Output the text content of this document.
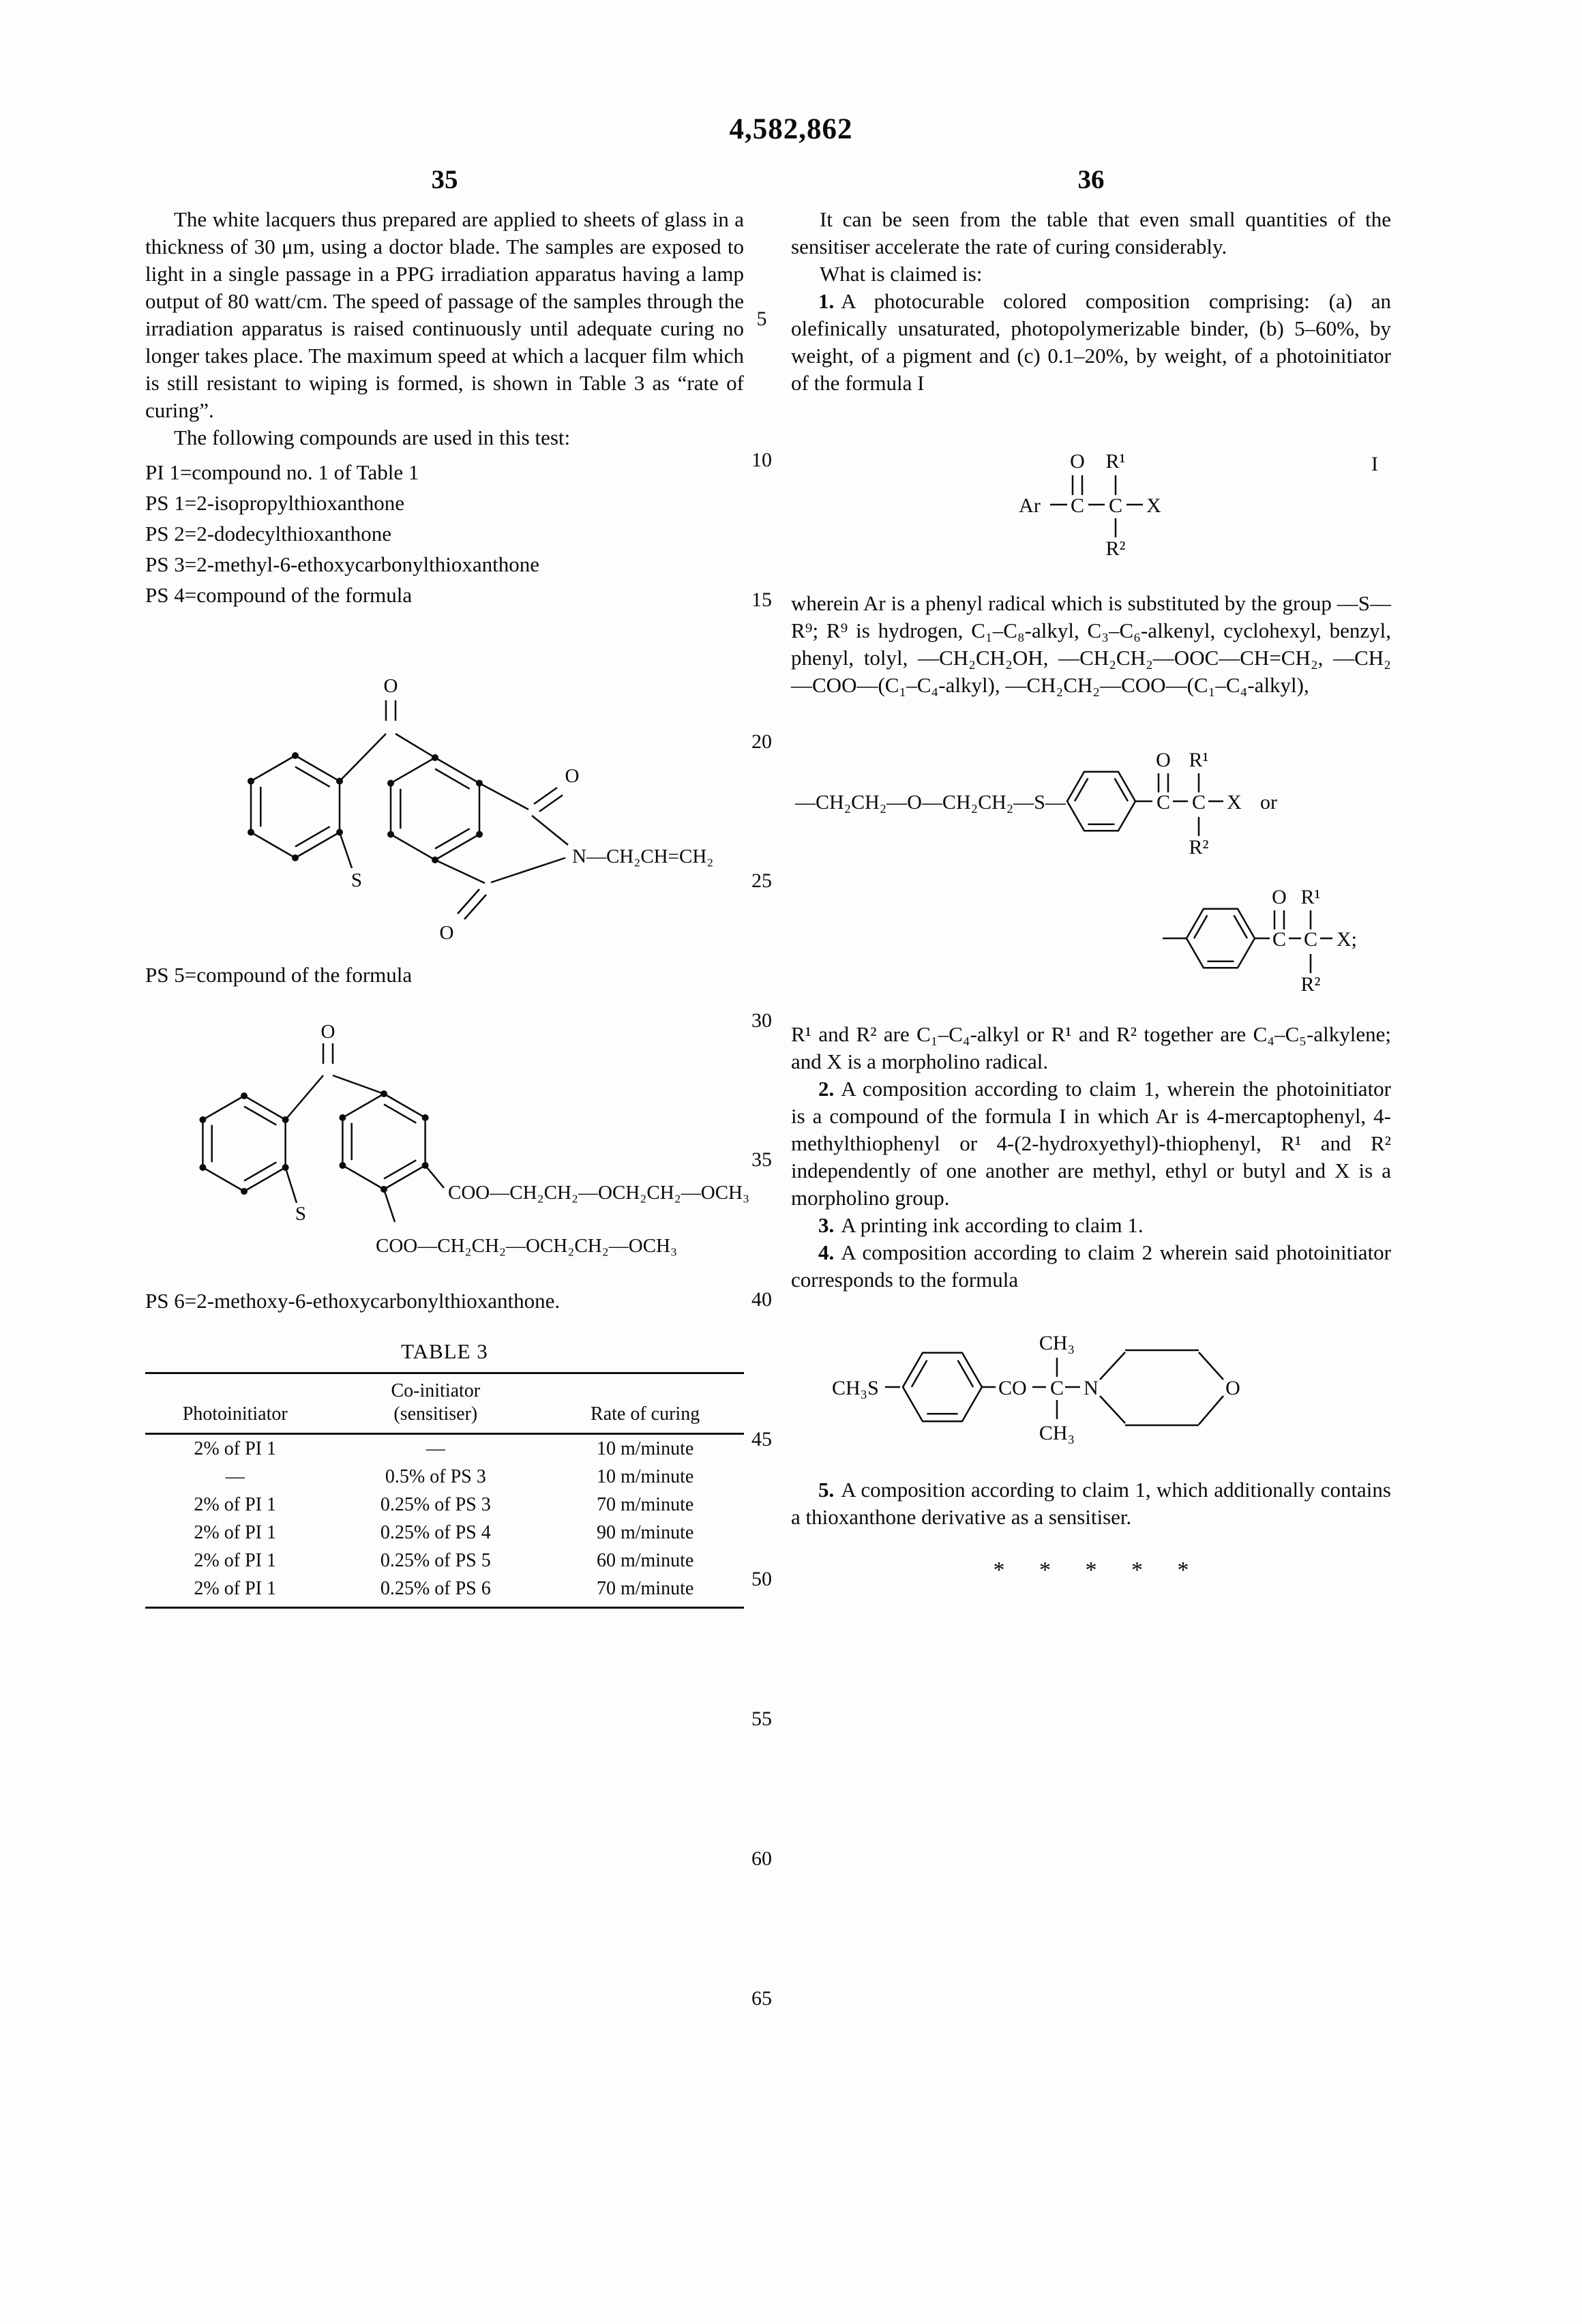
4,582,862
35	36
5
10
15
20
25
30
35
40
45
50
55
60
65

The white lacquers thus prepared are applied to sheets of glass in a thickness of 30 μm, using a doctor blade. The samples are exposed to light in a single passage in a PPG irradiation apparatus having a lamp output of 80 watt/cm. The speed of passage of the samples through the irradiation apparatus is raised continuously until adequate curing no longer takes place. The maximum speed at which a lacquer film which is still resistant to wiping is formed, is shown in Table 3 as “rate of curing”.

The following compounds are used in this test:

PI 1=compound no. 1 of Table 1
PS 1=2-isopropylthioxanthone
PS 2=2-dodecylthioxanthone
PS 3=2-methyl-6-ethoxycarbonylthioxanthone
PS 4=compound of the formula
O
S
O
O
N—CH₂CH=CH₂

PS 5=compound of the formula

O
S
COO—CH₂CH₂—OCH₂CH₂—OCH₃
COO—CH₂CH₂—OCH₂CH₂—OCH₃

PS 6=2-methoxy-6-ethoxycarbonylthioxanthone.

TABLE 3
Photoinitiator
Co-initiator
(sensitiser)	Rate of curing
2% of PI 1	—	10 m/minute
—	0.5% of PS 3	10 m/minute
2% of PI 1	0.25% of PS 3	70 m/minute
2% of PI 1	0.25% of PS 4	90 m/minute
2% of PI 1	0.25% of PS 5	60 m/minute
2% of PI 1	0.25% of PS 6	70 m/minute

It can be seen from the table that even small quantities of the sensitiser accelerate the rate of curing considerably.

What is claimed is:

1. A photocurable colored composition comprising: (a) an olefinically unsaturated, photopolymerizable binder, (b) 5–60%, by weight, of a pigment and (c) 0.1–20%, by weight, of a photoinitiator of the formula I

Ar C C X
O R¹
R²
I

wherein Ar is a phenyl radical which is substituted by the group —S—R⁹; R⁹ is hydrogen, C₁–C₈-alkyl, C₃–C₆-alkenyl, cyclohexyl, benzyl, phenyl, tolyl, —CH₂CH₂OH, —CH₂CH₂—OOC—CH=CH₂, —CH₂—COO—(C₁–C₄-alkyl), —CH₂CH₂—COO—(C₁–C₄-alkyl),

—CH₂CH₂—O—CH₂CH₂—S—	C C X or
O R¹
R²
C C X;
O R¹
R²

R¹ and R² are C₁–C₄-alkyl or R¹ and R² together are C₄–C₅-alkylene; and X is a morpholino radical.

2. A composition according to claim 1, wherein the photoinitiator is a compound of the formula I in which Ar is 4-mercaptophenyl, 4-methylthiophenyl or 4-(2-hydroxyethyl)-thiophenyl, R¹ and R² independently of one another are methyl, ethyl or butyl and X is a morpholino group.

3. A printing ink according to claim 1.

4. A composition according to claim 2 wherein said photoinitiator corresponds to the formula

CH₃S	CO C N	O
CH₃
CH₃

5. A composition according to claim 1, which additionally contains a thioxanthone derivative as a sensitiser.

* * * * *
